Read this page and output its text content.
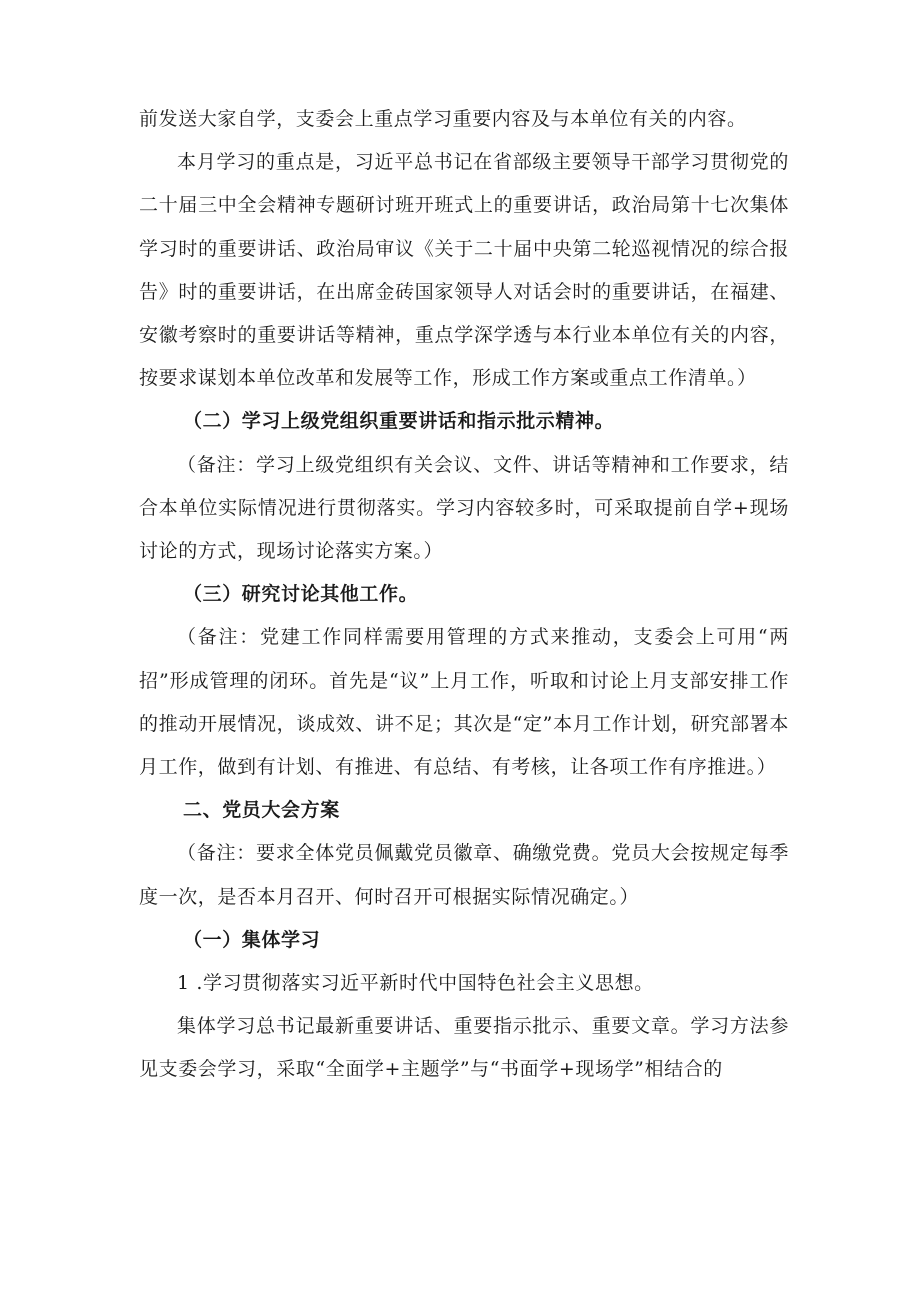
前发送大家自学，支委会上重点学习重要内容及与本单位有关的内容。

本月学习的重点是，习近平总书记在省部级主要领导干部学习贯彻党的二十届三中全会精神专题研讨班开班式上的重要讲话，政治局第十七次集体学习时的重要讲话、政治局审议《关于二十届中央第二轮巡视情况的综合报告》时的重要讲话，在出席金砖国家领导人对话会时的重要讲话，在福建、安徽考察时的重要讲话等精神，重点学深学透与本行业本单位有关的内容，按要求谋划本单位改革和发展等工作，形成工作方案或重点工作清单。）

（二）学习上级党组织重要讲话和指示批示精神。

（备注：学习上级党组织有关会议、文件、讲话等精神和工作要求，结合本单位实际情况进行贯彻落实。学习内容较多时，可采取提前自学+现场讨论的方式，现场讨论落实方案。）

（三）研究讨论其他工作。

（备注：党建工作同样需要用管理的方式来推动，支委会上可用“两招”形成管理的闭环。首先是“议”上月工作，听取和讨论上月支部安排工作的推动开展情况，谈成效、讲不足；其次是“定”本月工作计划，研究部署本月工作，做到有计划、有推进、有总结、有考核，让各项工作有序推进。）

二、党员大会方案

（备注：要求全体党员佩戴党员徽章、确缴党费。党员大会按规定每季度一次，是否本月召开、何时召开可根据实际情况确定。）

（一）集体学习

1 .学习贯彻落实习近平新时代中国特色社会主义思想。

集体学习总书记最新重要讲话、重要指示批示、重要文章。学习方法参见支委会学习，采取“全面学+主题学”与“书面学+现场学”相结合的
